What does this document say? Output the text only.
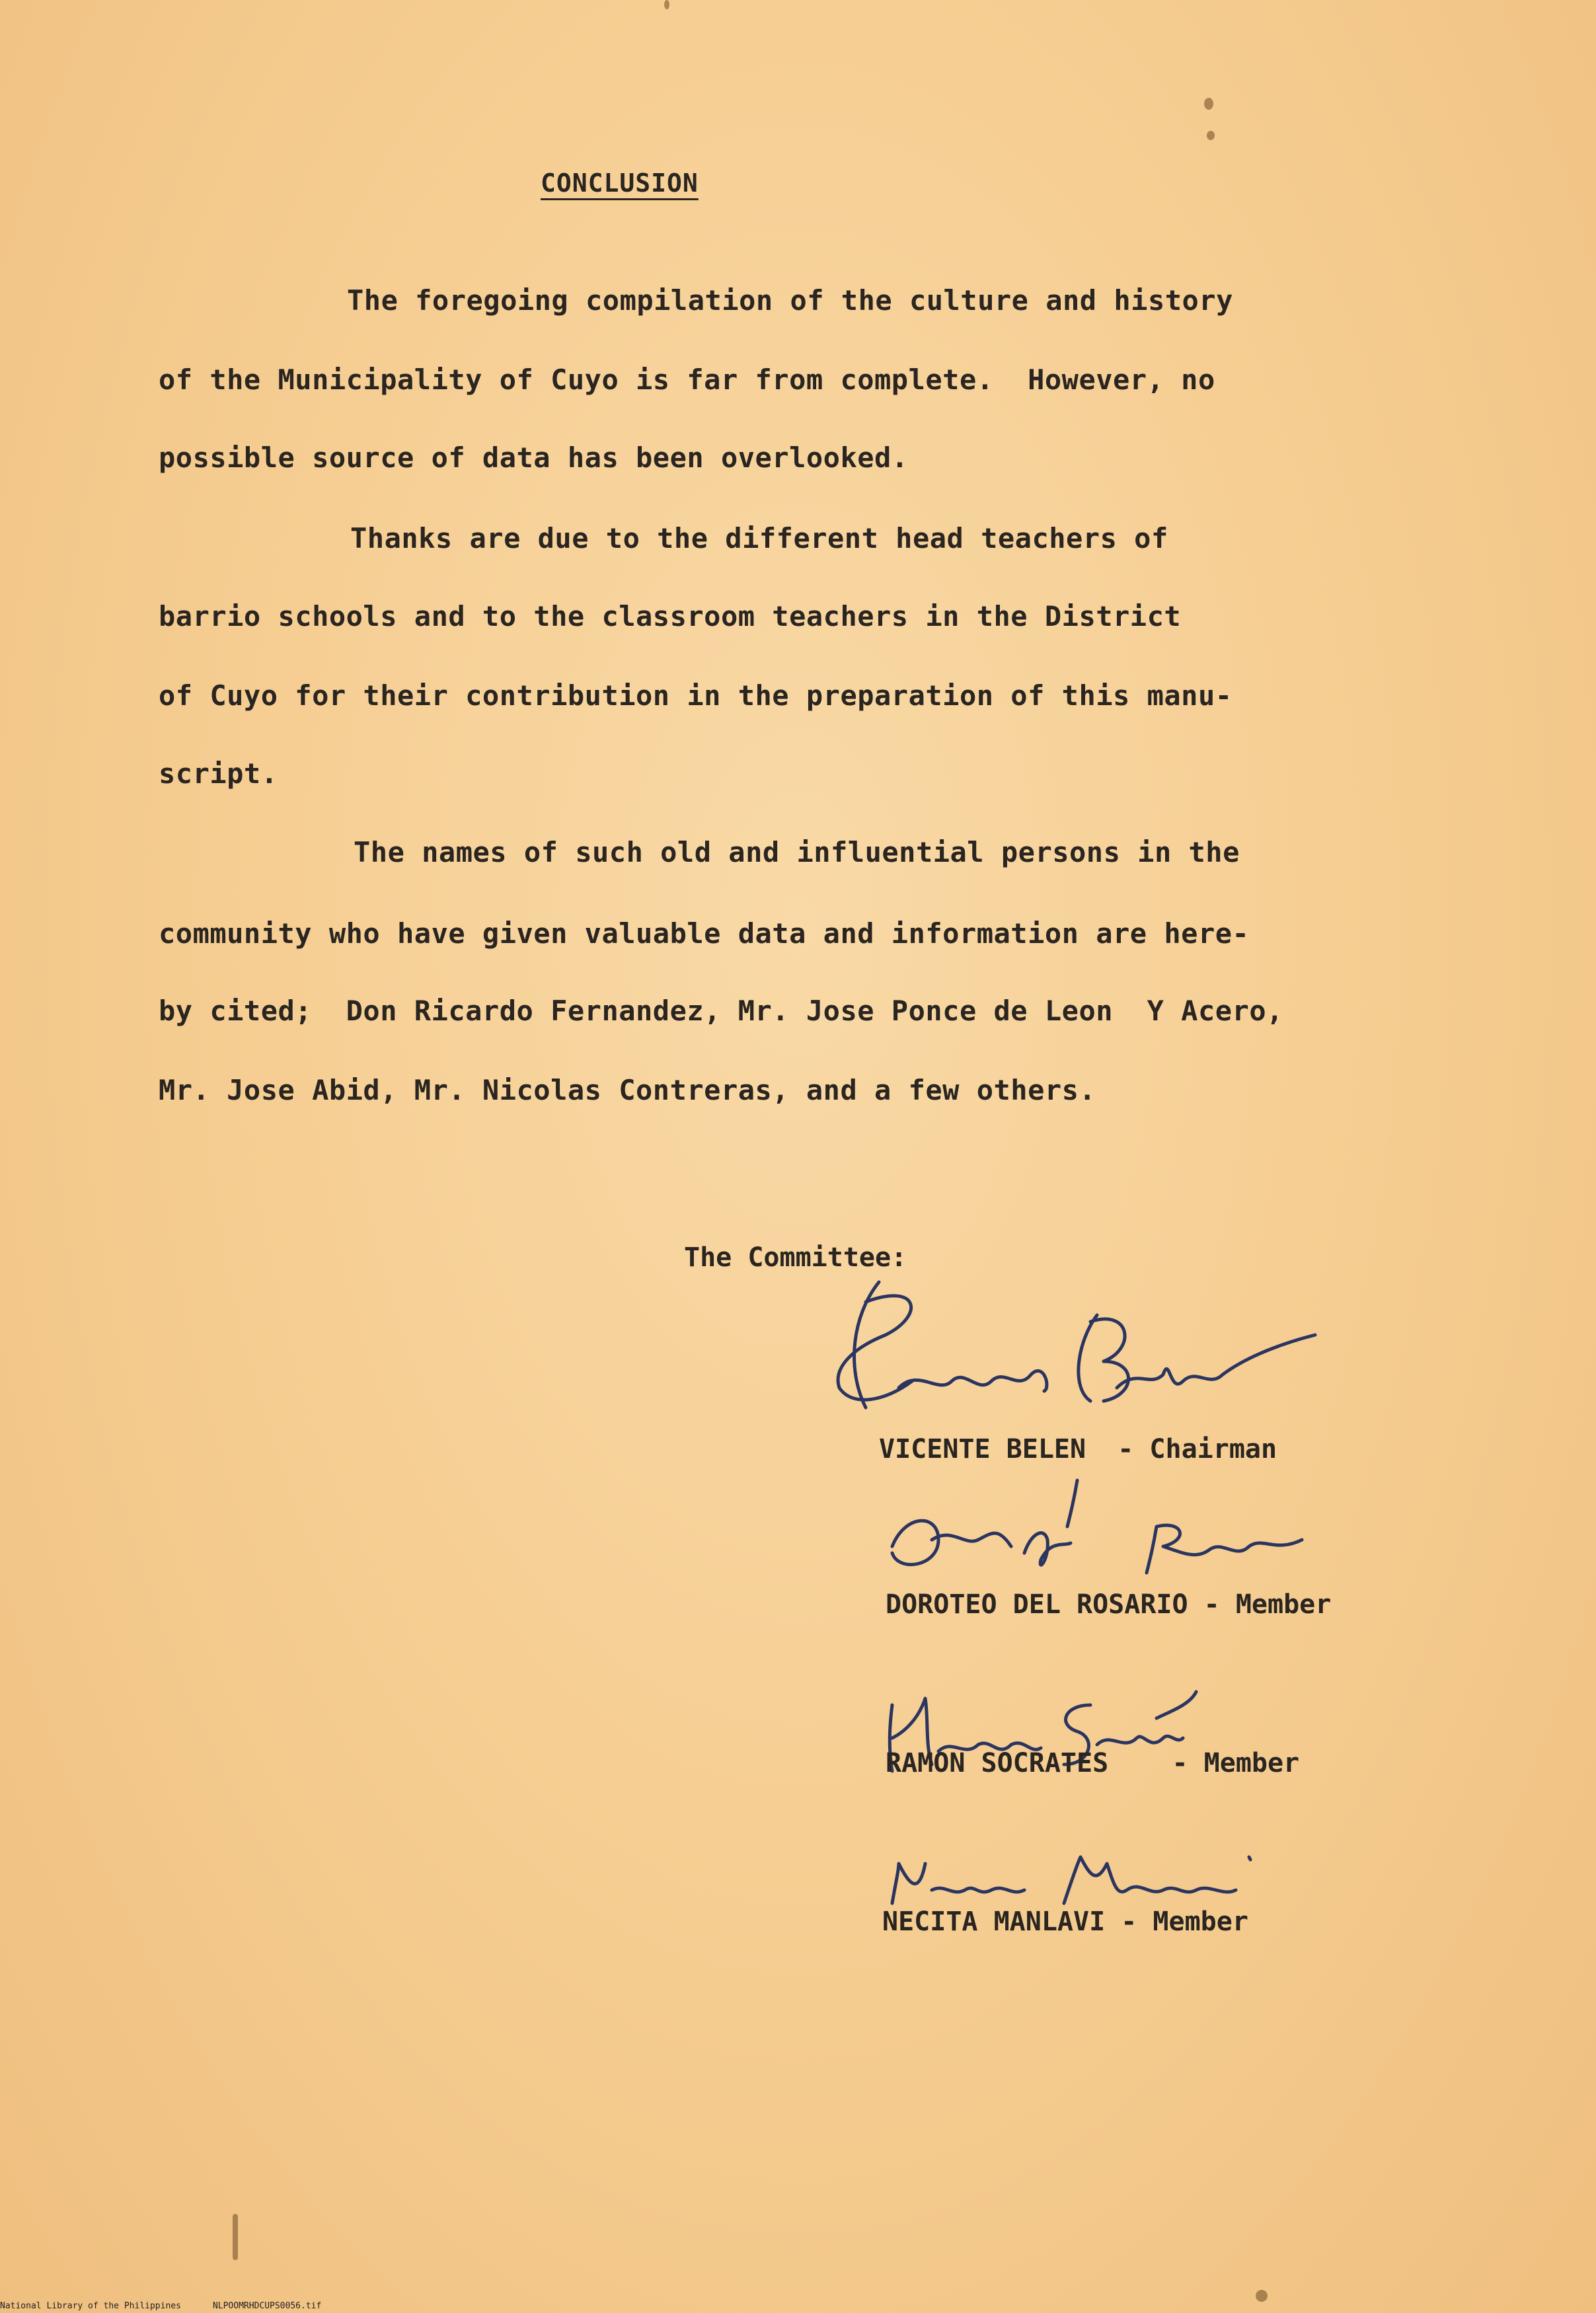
CONCLUSION
The foregoing compilation of the culture and history
of the Municipality of Cuyo is far from complete.  However, no
possible source of data has been overlooked.
Thanks are due to the different head teachers of
barrio schools and to the classroom teachers in the District
of Cuyo for their contribution in the preparation of this manu-
script.
The names of such old and influential persons in the
community who have given valuable data and information are here-
by cited;  Don Ricardo Fernandez, Mr. Jose Ponce de Leon  Y Acero,
Mr. Jose Abid, Mr. Nicolas Contreras, and a few others.
The Committee:
VICENTE BELEN - Chairman
DOROTEO DEL ROSARIO - Member
RAMON SOCRATES - Member
NECITA MANLAVI - Member
National Library of the Philippines	NLPOOMRHDCUPS0056.tif
